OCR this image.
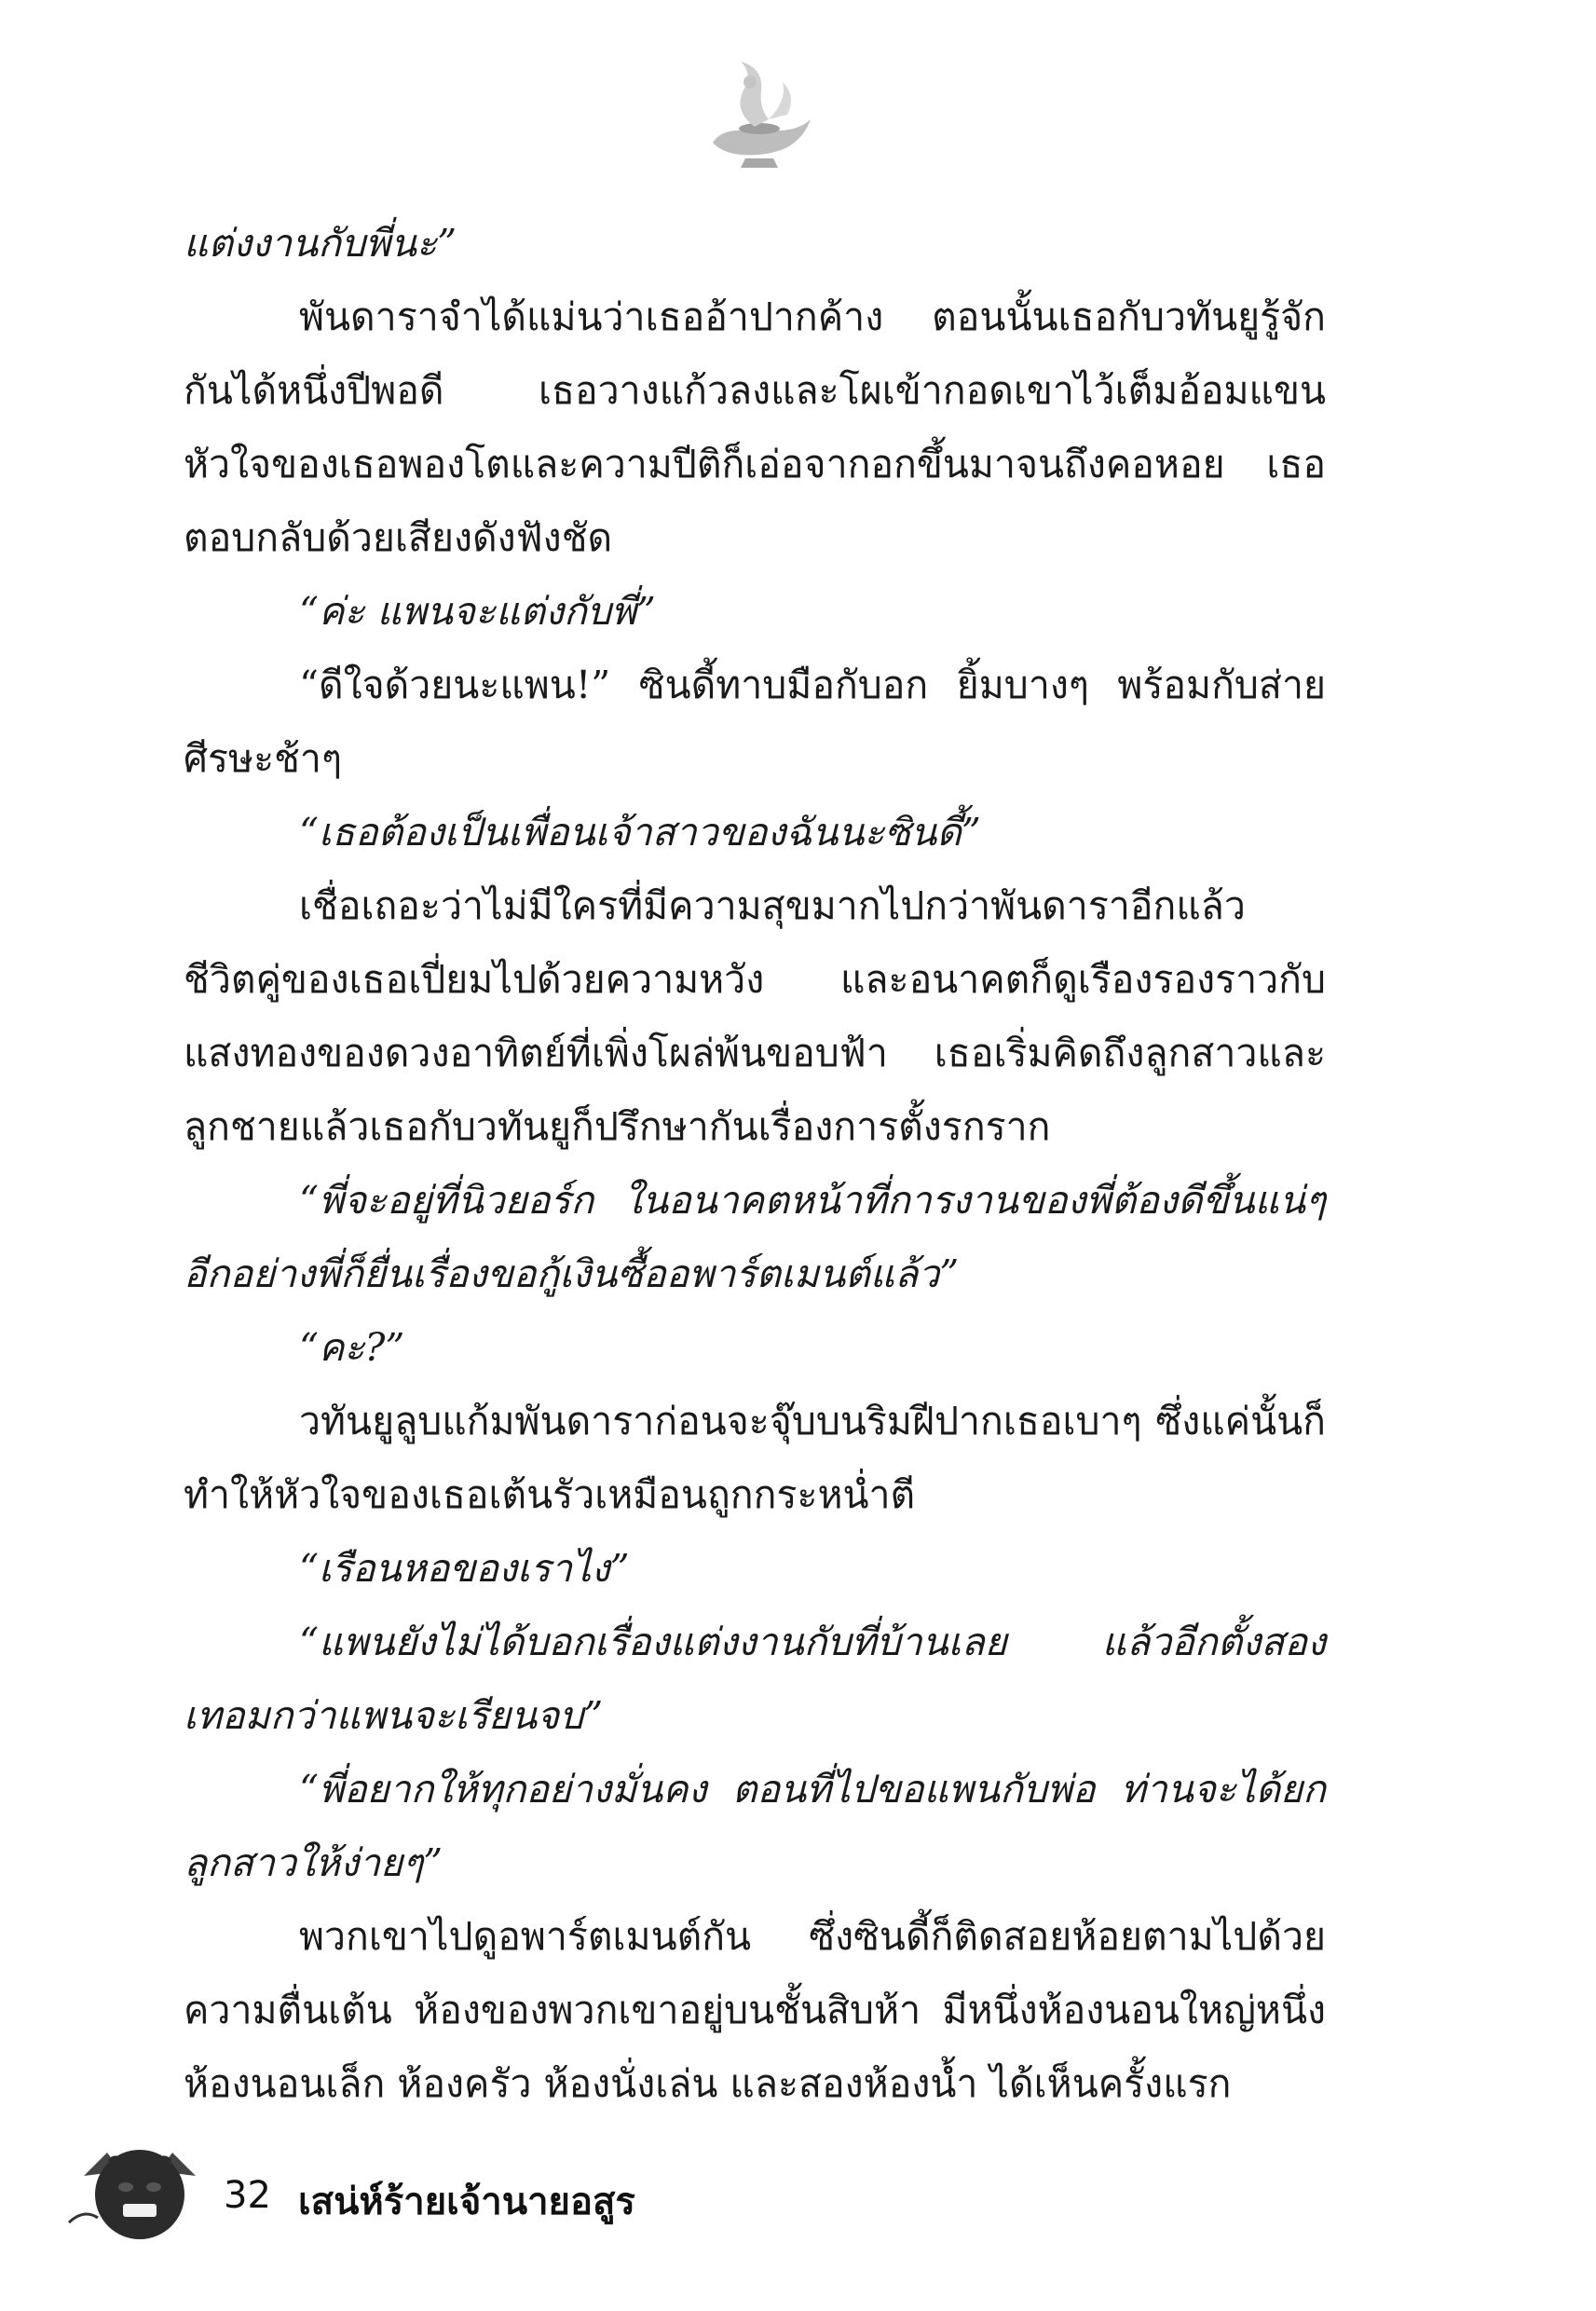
แต่งงานกับพี่นะ”

พันดาราจำได้แม่นว่าเธออ้าปากค้าง ตอนนั้นเธอกับวทันยูรู้จักกันได้หนึ่งปีพอดี เธอวางแก้วลงและโผเข้ากอดเขาไว้เต็มอ้อมแขน หัวใจของเธอพองโตและความปีติก็เอ่อจากอกขึ้นมาจนถึงคอหอย เธอตอบกลับด้วยเสียงดังฟังชัด

“ค่ะ แพนจะแต่งกับพี่”

“ดีใจด้วยนะแพน!” ซินดี้ทาบมือกับอก ยิ้มบางๆ พร้อมกับส่ายศีรษะช้าๆ

“เธอต้องเป็นเพื่อนเจ้าสาวของฉันนะซินดี้”

เชื่อเถอะว่าไม่มีใครที่มีความสุขมากไปกว่าพันดาราอีกแล้ว ชีวิตคู่ของเธอเปี่ยมไปด้วยความหวัง และอนาคตก็ดูเรืองรองราวกับแสงทองของดวงอาทิตย์ที่เพิ่งโผล่พ้นขอบฟ้า เธอเริ่มคิดถึงลูกสาวและลูกชายแล้วเธอกับวทันยูก็ปรึกษากันเรื่องการตั้งรกราก

“พี่จะอยู่ที่นิวยอร์ก ในอนาคตหน้าที่การงานของพี่ต้องดีขึ้นแน่ๆ อีกอย่างพี่ก็ยื่นเรื่องขอกู้เงินซื้ออพาร์ตเมนต์แล้ว”

“คะ?”

วทันยูลูบแก้มพันดาราก่อนจะจุ๊บบนริมฝีปากเธอเบาๆ ซึ่งแค่นั้นก็ทำให้หัวใจของเธอเต้นรัวเหมือนถูกกระหน่ำตี

“เรือนหอของเราไง”

“แพนยังไม่ได้บอกเรื่องแต่งงานกับที่บ้านเลย แล้วอีกตั้งสองเทอมกว่าแพนจะเรียนจบ”

“พี่อยากให้ทุกอย่างมั่นคง ตอนที่ไปขอแพนกับพ่อ ท่านจะได้ยกลูกสาวให้ง่ายๆ”

พวกเขาไปดูอพาร์ตเมนต์กัน ซึ่งซินดี้ก็ติดสอยห้อยตามไปด้วยความตื่นเต้น ห้องของพวกเขาอยู่บนชั้นสิบห้า มีหนึ่งห้องนอนใหญ่หนึ่งห้องนอนเล็ก ห้องครัว ห้องนั่งเล่น และสองห้องน้ำ ได้เห็นครั้งแรก

32 เสน่ห์ร้ายเจ้านายอสูร
